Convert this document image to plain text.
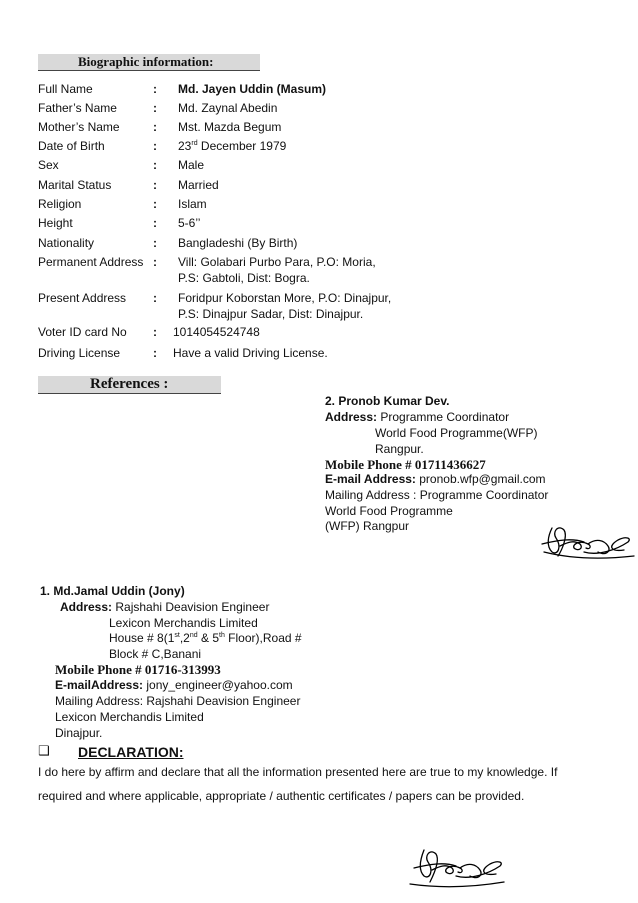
Biographic information:
Full Name	: Md. Jayen Uddin (Masum)
Father’s Name	: Md. Zaynal Abedin
Mother’s Name	: Mst. Mazda Begum
Date of Birth	: 23rd December 1979
Sex	: Male
Marital Status	: Married
Religion	: Islam
Height	: 5-6’’
Nationality	: Bangladeshi (By Birth)
Permanent Address : Vill: Golabari Purbo Para, P.O: Moria,
P.S: Gabtoli, Dist: Bogra.
Present Address : Foridpur Koborstan More, P.O: Dinajpur,
P.S: Dinajpur Sadar, Dist: Dinajpur.
Voter ID card No : 1014054524748
Driving License	: Have a valid Driving License.
References :
2. Pronob Kumar Dev.
Address: Programme Coordinator
World Food Programme(WFP)
Rangpur.
Mobile Phone # 01711436627
E-mail Address: pronob.wfp@gmail.com
Mailing Address : Programme Coordinator
World Food Programme
(WFP) Rangpur
1. Md.Jamal Uddin (Jony)
Address: Rajshahi Deavision Engineer
Lexicon Merchandis Limited
House # 8(1st,2nd & 5th Floor),Road #
Block # C,Banani
Mobile Phone # 01716-313993
E-mailAddress: jony_engineer@yahoo.com
Mailing Address: Rajshahi Deavision Engineer
Lexicon Merchandis Limited
Dinajpur.
❑ DECLARATION:
I do here by affirm and declare that all the information presented here are true to my knowledge. If
required and where applicable, appropriate / authentic certificates / papers can be provided.
